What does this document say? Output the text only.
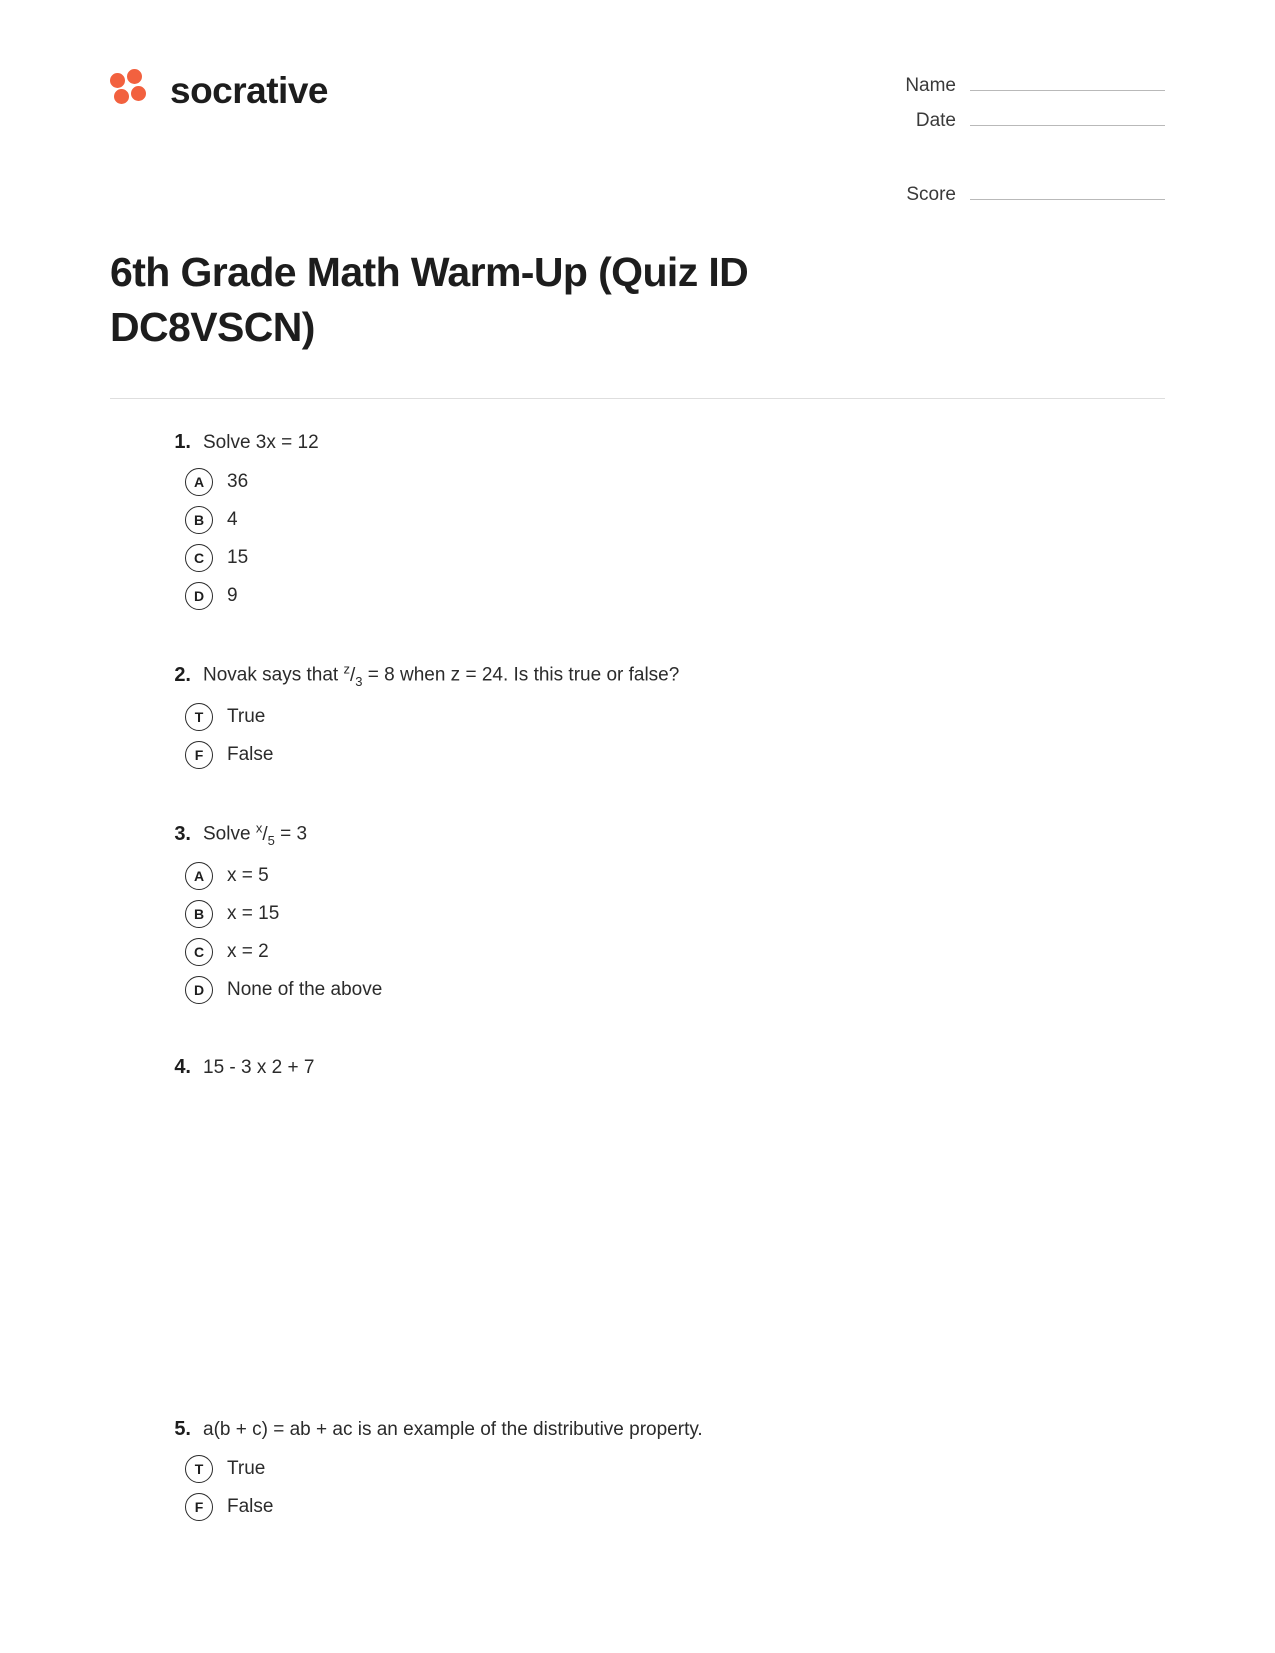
socrative	Name
Date
Score
6th Grade Math Warm-Up (Quiz ID DC8VSCN)
1. Solve 3x = 12
A	36
B	4
C	15
D	9
2. Novak says that $^z/_3 = 8$ when z = 24. Is this true or false?
T	True
F	False
3. Solve $^x/_5 = 3$
A	x = 5
B	x = 15
C	x = 2
D	None of the above
4. 15 - 3 x 2 + 7
5. a(b + c) = ab + ac is an example of the distributive property.
T	True
F	False
